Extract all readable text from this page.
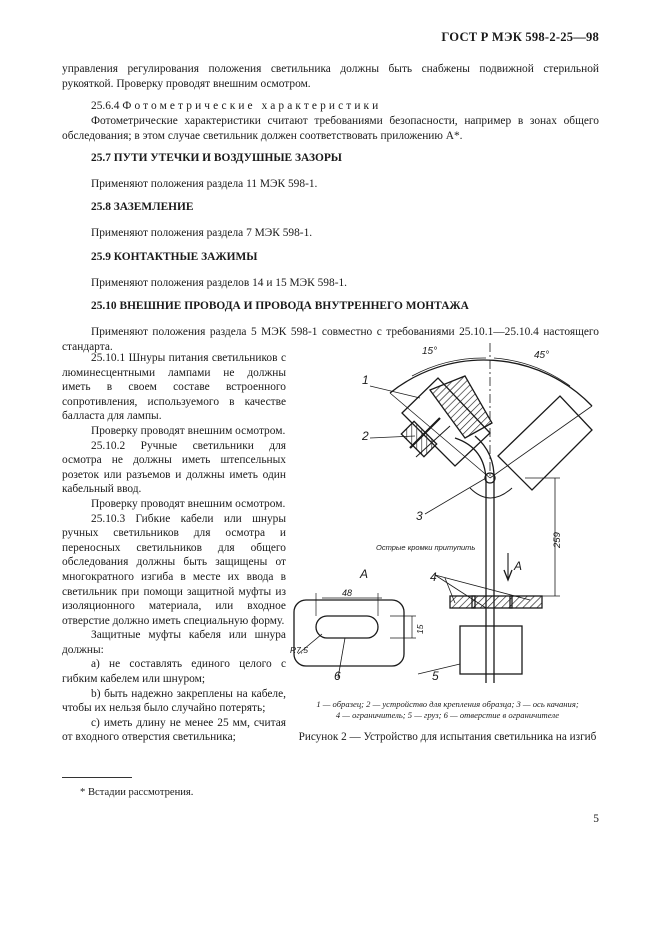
ГОСТ Р МЭК 598-2-25—98

управления регулирования положения светильника должны быть снабжены подвижной стерильной рукояткой. Проверку проводят внешним осмотром.

25.6.4 Фотометрические характеристики

Фотометрические характеристики считают требованиями безопасности, например в зонах общего обследования; в этом случае светильник должен соответствовать приложению А*.

25.7 ПУТИ УТЕЧКИ И ВОЗДУШНЫЕ ЗАЗОРЫ

Применяют положения раздела 11 МЭК 598-1.

25.8 ЗАЗЕМЛЕНИЕ

Применяют положения раздела 7 МЭК 598-1.

25.9 КОНТАКТНЫЕ ЗАЖИМЫ

Применяют положения разделов 14 и 15 МЭК 598-1.

25.10 ВНЕШНИЕ ПРОВОДА И ПРОВОДА ВНУТРЕННЕГО МОНТАЖА

Применяют положения раздела 5 МЭК 598-1 совместно с требованиями 25.10.1—25.10.4 настоящего стандарта.

25.10.1 Шнуры питания светильников с люминесцентными лампами не должны иметь в своем составе встроенного сопротивления, используемого в качестве балласта для лампы.

Проверку проводят внешним осмотром.

25.10.2 Ручные светильники для осмотра не должны иметь штепсельных розеток или разъемов и должны иметь один кабельный ввод.

Проверку проводят внешним осмотром.

25.10.3 Гибкие кабели или шнуры ручных светильников для осмотра и переносных светильников для общего обследования должны быть защищены от многократного изгиба в месте их ввода в светильник при помощи защитной муфты из изоляционного материала, или входное отверстие должно иметь специальную форму.

Защитные муфты кабеля или шнура должны:

а) не составлять единого целого с гибким кабелем или шнуром;

b) быть надежно закреплены на кабеле, чтобы их нельзя было случайно потерять;

с) иметь длину не менее 25 мм, считая от входного отверстия светильника;

15°	45°
1
2
3
4
5
6
259
48
15
R7,5
A
A
Острые кромки притупить
1 — образец; 2 — устройство для крепления образца; 3 — ось качания;
4 — ограничитель; 5 — груз; 6 — отверстие в ограничителе
Рисунок 2 — Устройство для испытания светильника на изгиб
* Встадии рассмотрения.
5
